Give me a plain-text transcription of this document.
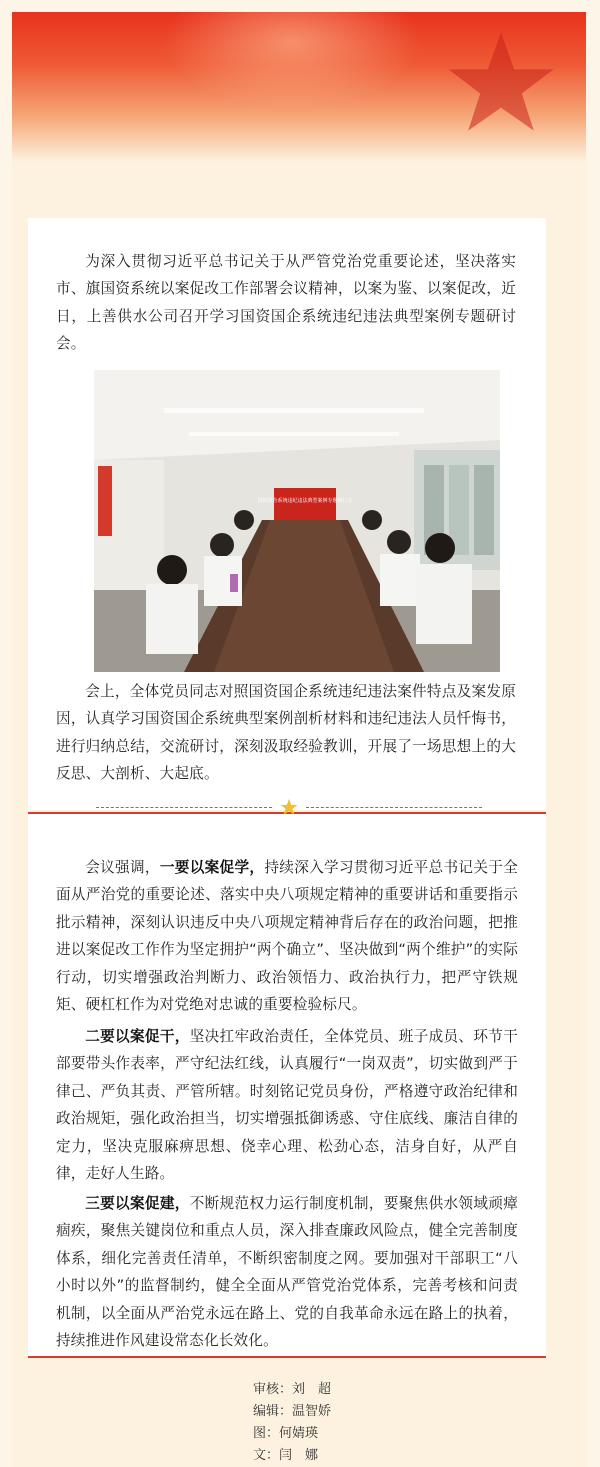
为深入贯彻习近平总书记关于从严管党治党重要论述，坚决落实市、旗国资系统以案促改工作部署会议精神，以案为鉴、以案促改，近日，上善供水公司召开学习国资国企系统违纪违法典型案例专题研讨会。

国资国企系统违纪违法典型案例专题研讨会

会上，全体党员同志对照国资国企系统违纪违法案件特点及案发原因，认真学习国资国企系统典型案例剖析材料和违纪违法人员忏悔书，进行归纳总结，交流研讨，深刻汲取经验教训，开展了一场思想上的大反思、大剖析、大起底。

会议强调，一要以案促学，持续深入学习贯彻习近平总书记关于全面从严治党的重要论述、落实中央八项规定精神的重要讲话和重要指示批示精神，深刻认识违反中央八项规定精神背后存在的政治问题，把推进以案促改工作作为坚定拥护“两个确立”、坚决做到“两个维护”的实际行动，切实增强政治判断力、政治领悟力、政治执行力，把严守铁规矩、硬杠杠作为对党绝对忠诚的重要检验标尺。

二要以案促干，坚决扛牢政治责任，全体党员、班子成员、环节干部要带头作表率，严守纪法红线，认真履行“一岗双责”，切实做到严于律己、严负其责、严管所辖。时刻铭记党员身份，严格遵守政治纪律和政治规矩，强化政治担当，切实增强抵御诱惑、守住底线、廉洁自律的定力，坚决克服麻痹思想、侥幸心理、松劲心态，洁身自好，从严自律，走好人生路。

三要以案促建，不断规范权力运行制度机制，要聚焦供水领域顽瘴痼疾，聚焦关键岗位和重点人员，深入排查廉政风险点，健全完善制度体系，细化完善责任清单，不断织密制度之网。要加强对干部职工“八小时以外”的监督制约，健全全面从严管党治党体系，完善考核和问责机制，以全面从严治党永远在路上、党的自我革命永远在路上的执着，持续推进作风建设常态化长效化。

审核：刘　超
编辑：温智娇
图：何婧瑛
文：闫　娜
